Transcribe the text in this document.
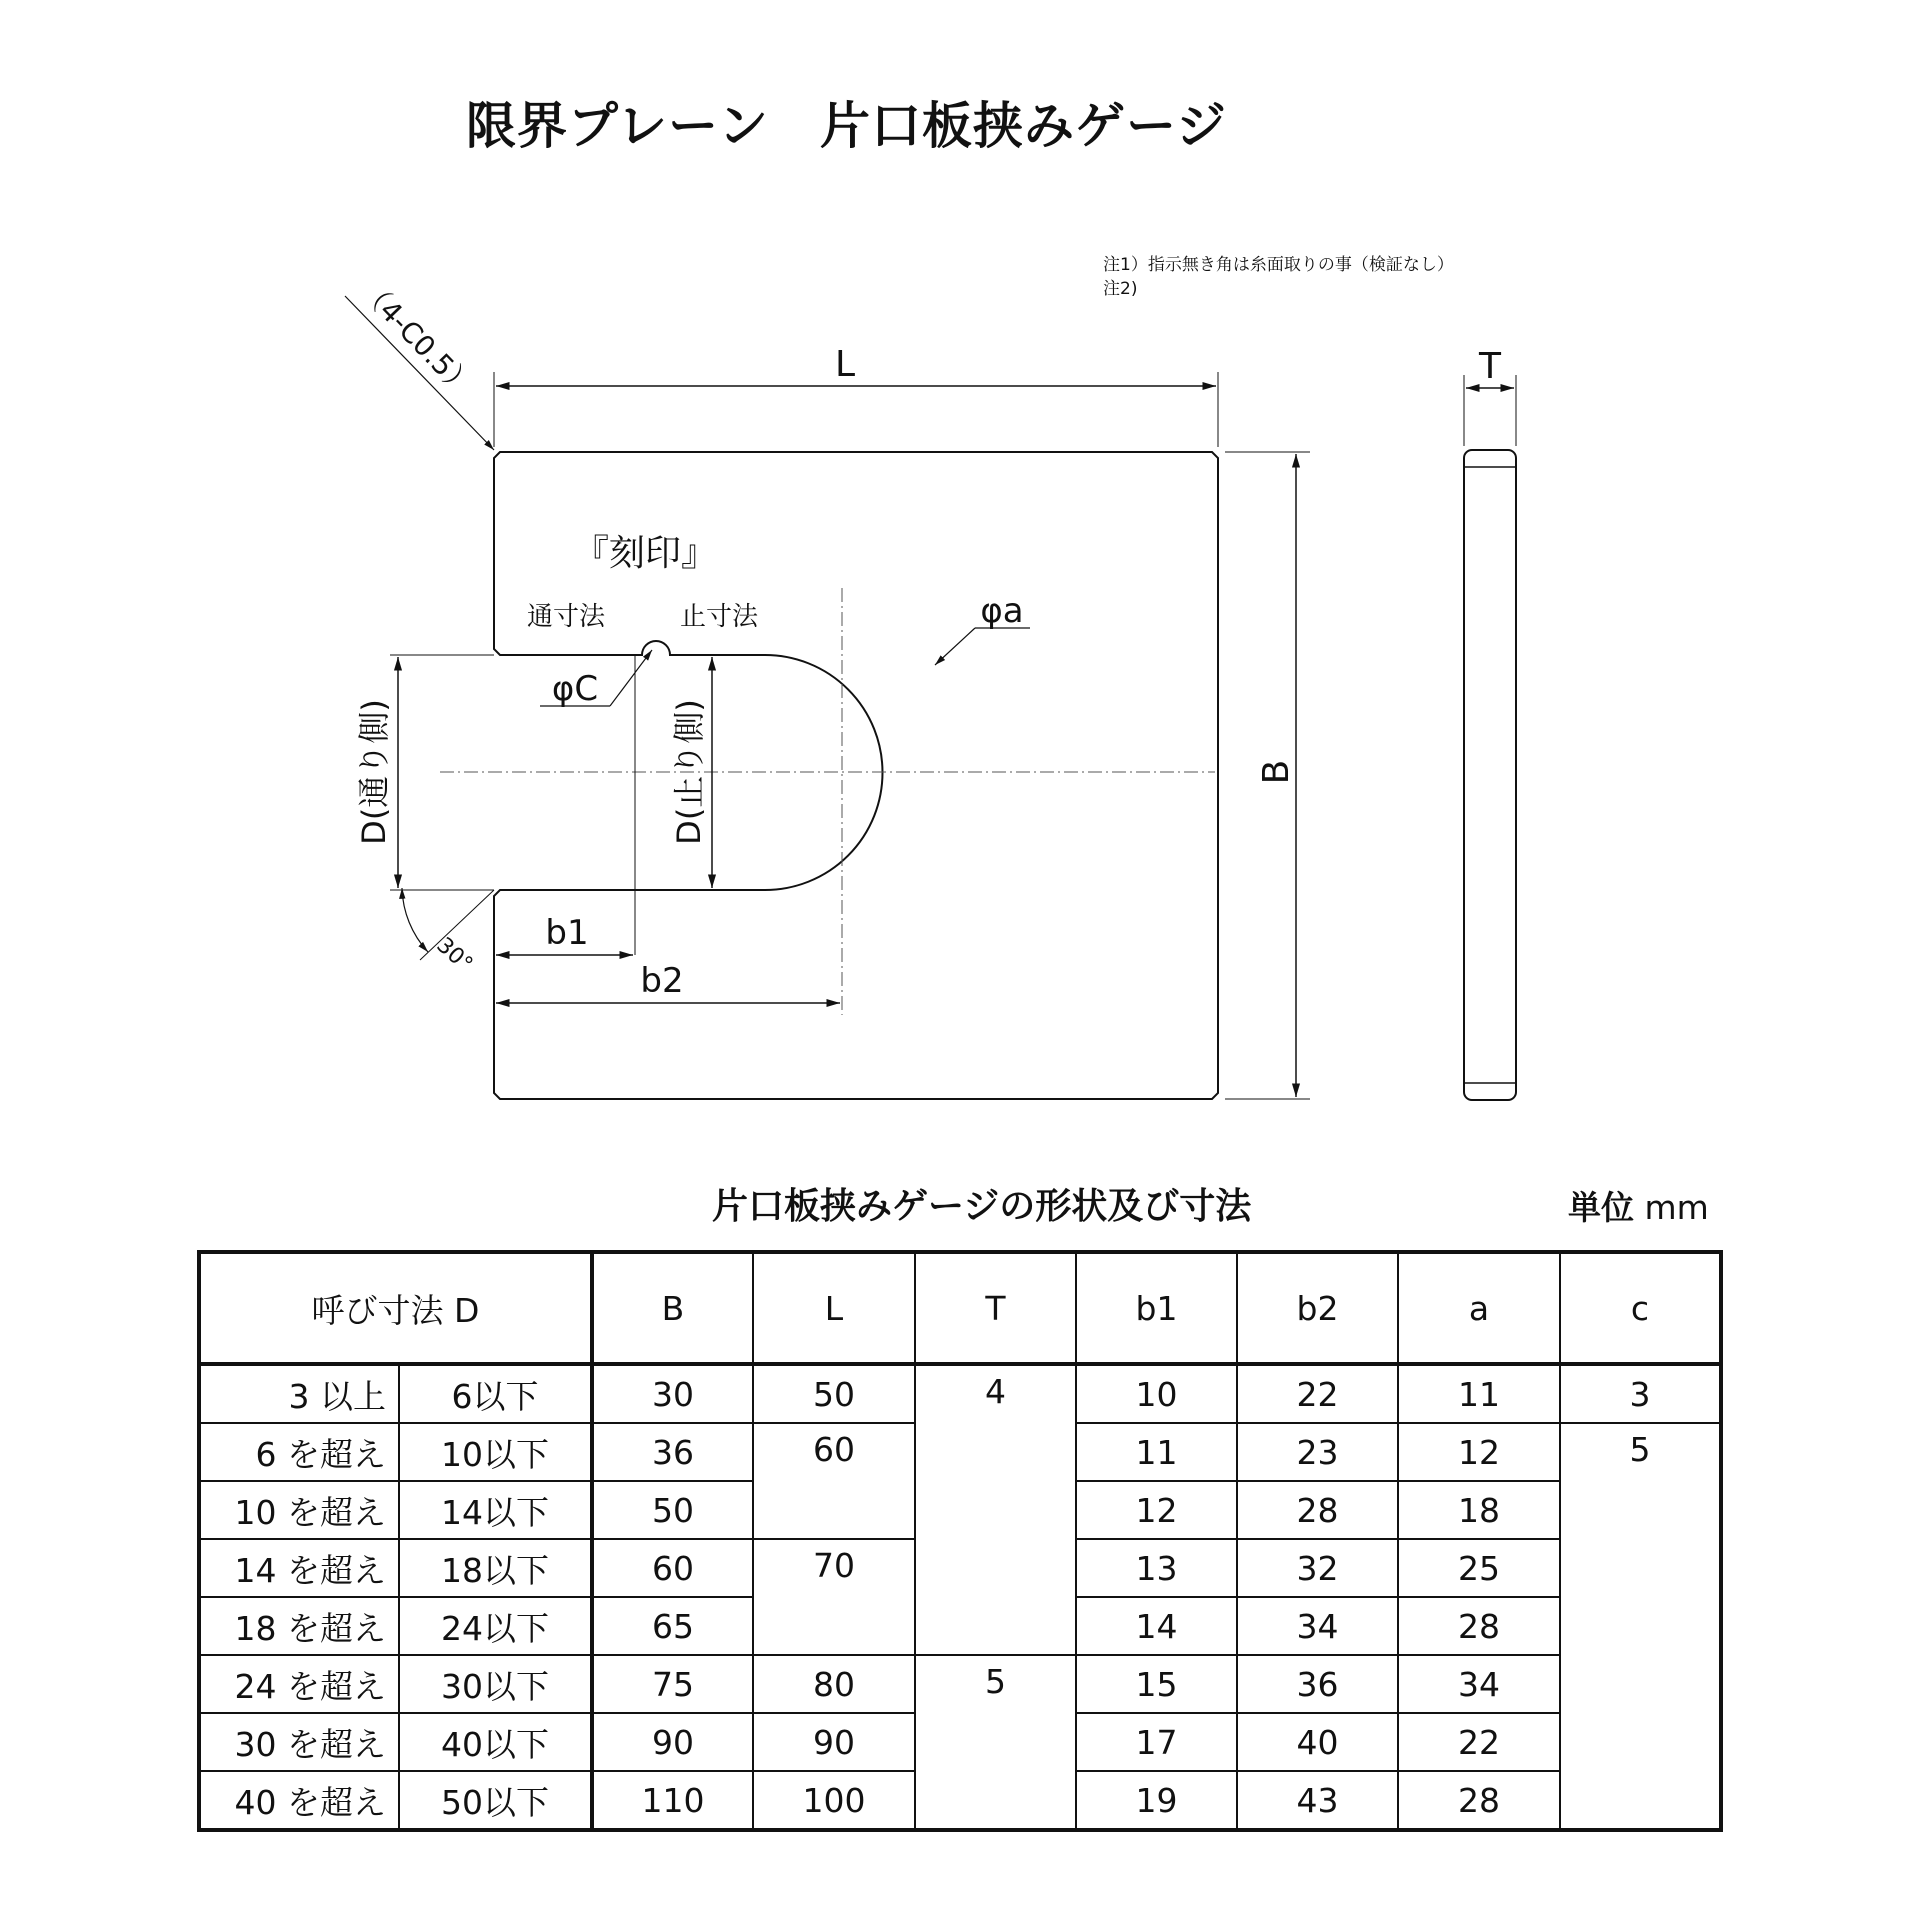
限界プレーン　片口板挟みゲージ
注1）指示無き角は糸面取りの事（検証なし）
注2)
L
B
（4-C0.5）	T
『刻印』
通寸法	止寸法	φa
φC
D(通り側)	D(止り側)
30° b1
b2
片口板挟みゲージの形状及び寸法	単位 mm
呼び寸法 D		B	L	T	b1	b2	a	c
3 以上	6以下	30	50	4	10	22	11	3
6 を超え	10以下	36	60		11	23	12	5
10 を超え	14以下	50			12	28	18	
14 を超え	18以下	60	70		13	32	25	
18 を超え	24以下	65			14	34	28	
24 を超え	30以下	75	80	5	15	36	34	
30 を超え	40以下	90	90		17	40	22	
40 を超え	50以下	110	100		19	43	28	
